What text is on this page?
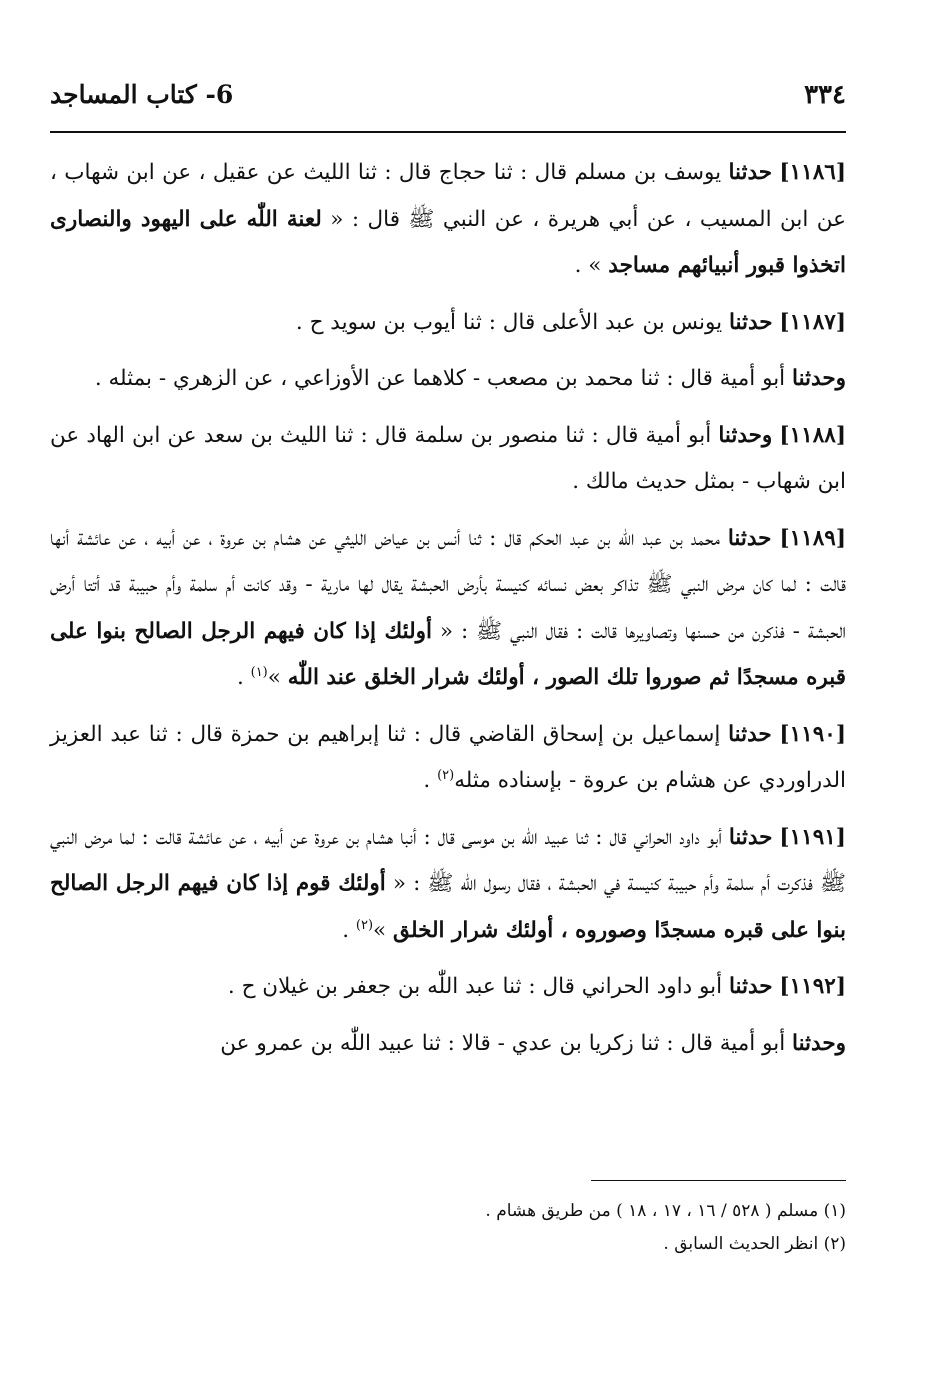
٣٣٤
6- كتاب المساجد

[١١٨٦] حدثنا يوسف بن مسلم قال : ثنا حجاج قال : ثنا الليث عن عقيل ، عن ابن شهاب ، عن ابن المسيب ، عن أبي هريرة ، عن النبي ﷺ قال : « لعنة اللّٰه على اليهود والنصارى اتخذوا قبور أنبيائهم مساجد » .

[١١٨٧] حدثنا يونس بن عبد الأعلى قال : ثنا أيوب بن سويد ح .

وحدثنا أبو أمية قال : ثنا محمد بن مصعب - كلاهما عن الأوزاعي ، عن الزهري - بمثله .

[١١٨٨] وحدثنا أبو أمية قال : ثنا منصور بن سلمة قال : ثنا الليث بن سعد عن ابن الهاد عن ابن شهاب - بمثل حديث مالك .

[١١٨٩] حدثنا محمد بن عبد اللّٰه بن عبد الحكم قال : ثنا أنس بن عياض الليثي عن هشام بن عروة ، عن أبيه ، عن عائشة أنها قالت : لما كان مرض النبي ﷺ تذاكر بعض نسائه كنيسة بأرض الحبشة يقال لها مارية - وقد كانت أم سلمة وأم حبيبة قد أتتا أرض الحبشة - فذكرن من حسنها وتصاويرها قالت : فقال النبي ﷺ : « أولئك إذا كان فيهم الرجل الصالح بنوا على قبره مسجدًا ثم صوروا تلك الصور ، أولئك شرار الخلق عند اللّٰه »$^{(١)}$ .

[١١٩٠] حدثنا إسماعيل بن إسحاق القاضي قال : ثنا إبراهيم بن حمزة قال : ثنا عبد العزيز الدراوردي عن هشام بن عروة - بإسناده مثله$^{(٢)}$ .

[١١٩١] حدثنا أبو داود الحراني قال : ثنا عبيد اللّٰه بن موسى قال : أنبا هشام بن عروة عن أبيه ، عن عائشة قالت : لما مرض النبي ﷺ فذكرت أم سلمة وأم حبيبة كنيسة في الحبشة ، فقال رسول اللّٰه ﷺ : « أولئك قوم إذا كان فيهم الرجل الصالح بنوا على قبره مسجدًا وصوروه ، أولئك شرار الخلق »$^{(٢)}$ .

[١١٩٢] حدثنا أبو داود الحراني قال : ثنا عبد اللّٰه بن جعفر بن غيلان ح .

وحدثنا أبو أمية قال : ثنا زكريا بن عدي - قالا : ثنا عبيد اللّٰه بن عمرو عن

(١) مسلم ( ٥٢٨ / ١٦ ، ١٧ ، ١٨ ) من طريق هشام .
(٢) انظر الحديث السابق .
